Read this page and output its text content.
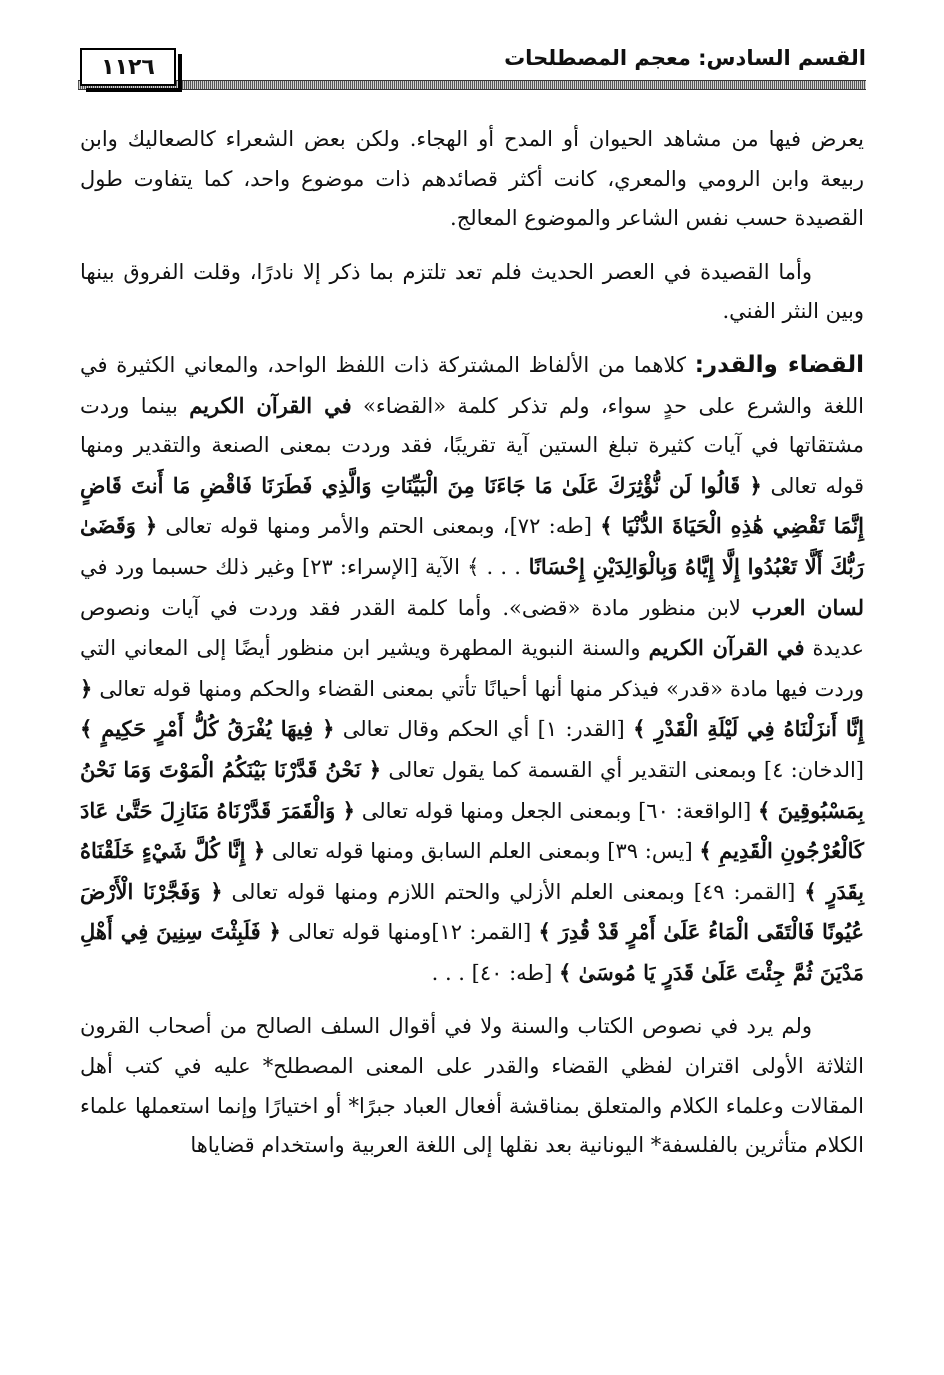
١١٢٦	القسم السادس: معجم المصطلحات

يعرض فيها من مشاهد الحيوان أو المدح أو الهجاء. ولكن بعض الشعراء كالصعاليك وابن ربيعة وابن الرومي والمعري، كانت أكثر قصائدهم ذات موضوع واحد، كما يتفاوت طول القصيدة حسب نفس الشاعر والموضوع المعالج.

وأما القصيدة في العصر الحديث فلم تعد تلتزم بما ذكر إلا نادرًا، وقلت الفروق بينها وبين النثر الفني.

القضاء والقدر: كلاهما من الألفاظ المشتركة ذات اللفظ الواحد، والمعاني الكثيرة في اللغة والشرع على حدٍ سواء، ولم تذكر كلمة «القضاء» في القرآن الكريم بينما وردت مشتقاتها في آيات كثيرة تبلغ الستين آية تقريبًا، فقد وردت بمعنى الصنعة والتقدير ومنها قوله تعالى ﴿ قَالُوا لَن نُّؤْثِرَكَ عَلَىٰ مَا جَاءَنَا مِنَ الْبَيِّنَاتِ وَالَّذِي فَطَرَنَا فَاقْضِ مَا أَنتَ قَاضٍ إِنَّمَا تَقْضِي هَٰذِهِ الْحَيَاةَ الدُّنْيَا ﴾ [طه: ٧٢]، وبمعنى الحتم والأمر ومنها قوله تعالى ﴿ وَقَضَىٰ رَبُّكَ أَلَّا تَعْبُدُوا إِلَّا إِيَّاهُ وَبِالْوَالِدَيْنِ إِحْسَانًا . . . ﴾ الآية [الإسراء: ٢٣] وغير ذلك حسبما ورد في لسان العرب لابن منظور مادة «قضى». وأما كلمة القدر فقد وردت في آيات ونصوص عديدة في القرآن الكريم والسنة النبوية المطهرة ويشير ابن منظور أيضًا إلى المعاني التي وردت فيها مادة «قدر» فيذكر منها أنها أحيانًا تأتي بمعنى القضاء والحكم ومنها قوله تعالى ﴿ إِنَّا أَنزَلْنَاهُ فِي لَيْلَةِ الْقَدْرِ ﴾ [القدر: ١] أي الحكم وقال تعالى ﴿ فِيهَا يُفْرَقُ كُلُّ أَمْرٍ حَكِيمٍ ﴾ [الدخان: ٤] وبمعنى التقدير أي القسمة كما يقول تعالى ﴿ نَحْنُ قَدَّرْنَا بَيْنَكُمُ الْمَوْتَ وَمَا نَحْنُ بِمَسْبُوقِينَ ﴾ [الواقعة: ٦٠] وبمعنى الجعل ومنها قوله تعالى ﴿ وَالْقَمَرَ قَدَّرْنَاهُ مَنَازِلَ حَتَّىٰ عَادَ كَالْعُرْجُونِ الْقَدِيمِ ﴾ [يس: ٣٩] وبمعنى العلم السابق ومنها قوله تعالى ﴿ إِنَّا كُلَّ شَيْءٍ خَلَقْنَاهُ بِقَدَرٍ ﴾ [القمر: ٤٩] وبمعنى العلم الأزلي والحتم اللازم ومنها قوله تعالى ﴿ وَفَجَّرْنَا الْأَرْضَ عُيُونًا فَالْتَقَى الْمَاءُ عَلَىٰ أَمْرٍ قَدْ قُدِرَ ﴾ [القمر: ١٢]ومنها قوله تعالى ﴿ فَلَبِثْتَ سِنِينَ فِي أَهْلِ مَدْيَنَ ثُمَّ جِئْتَ عَلَىٰ قَدَرٍ يَا مُوسَىٰ ﴾ [طه: ٤٠] . . .

ولم يرد في نصوص الكتاب والسنة ولا في أقوال السلف الصالح من أصحاب القرون الثلاثة الأولى اقتران لفظي القضاء والقدر على المعنى المصطلح* عليه في كتب أهل المقالات وعلماء الكلام والمتعلق بمناقشة أفعال العباد جبرًا* أو اختيارًا وإنما استعملها علماء الكلام متأثرين بالفلسفة* اليونانية بعد نقلها إلى اللغة العربية واستخدام قضاياها
